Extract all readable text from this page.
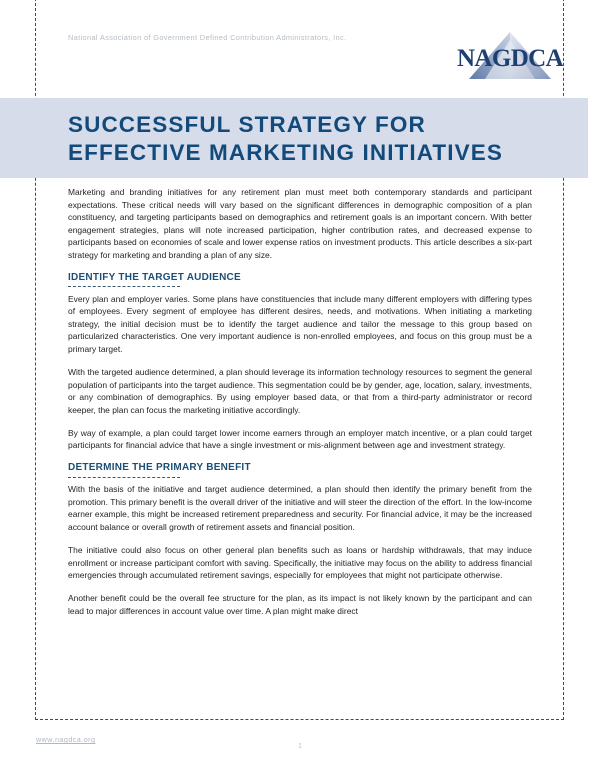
National Association of Government Defined Contribution Administrators, Inc.
NAGDCA
SUCCESSFUL STRATEGY FOR
EFFECTIVE MARKETING INITIATIVES

Marketing and branding initiatives for any retirement plan must meet both contemporary standards and participant expectations. These critical needs will vary based on the significant differences in demographic composition of a plan constituency, and targeting participants based on demographics and retirement goals is an important concern. With better engagement strategies, plans will note increased participation, higher contribution rates, and decreased expense to participants based on economies of scale and lower expense ratios on investment products. This article describes a six-part strategy for marketing and branding a plan of any size.

IDENTIFY THE TARGET AUDIENCE

Every plan and employer varies. Some plans have constituencies that include many different employers with differing types of employees. Every segment of employee has different desires, needs, and motivations. When initiating a marketing strategy, the initial decision must be to identify the target audience and tailor the message to this group based on particularized characteristics. One very important audience is non-enrolled employees, and focus on this group must be a primary target.

With the targeted audience determined, a plan should leverage its information technology resources to segment the general population of participants into the target audience. This segmentation could be by gender, age, location, salary, investments, or any combination of demographics. By using employer based data, or that from a third-party administrator or record keeper, the plan can focus the marketing initiative accordingly.

By way of example, a plan could target lower income earners through an employer match incentive, or a plan could target participants for financial advice that have a single investment or mis-alignment between age and investment strategy.

DETERMINE THE PRIMARY BENEFIT

With the basis of the initiative and target audience determined, a plan should then identify the primary benefit from the promotion. This primary benefit is the overall driver of the initiative and will steer the direction of the effort. In the low-income earner example, this might be increased retirement preparedness and security. For financial advice, it may be the increased account balance or overall growth of retirement assets and financial position.

The initiative could also focus on other general plan benefits such as loans or hardship withdrawals, that may induce enrollment or increase participant comfort with saving. Specifically, the initiative may focus on the ability to address financial emergencies through accumulated retirement savings, especially for employees that might not participate otherwise.

Another benefit could be the overall fee structure for the plan, as its impact is not likely known by the participant and can lead to major differences in account value over time. A plan might make direct

www.nagdca.org
1
